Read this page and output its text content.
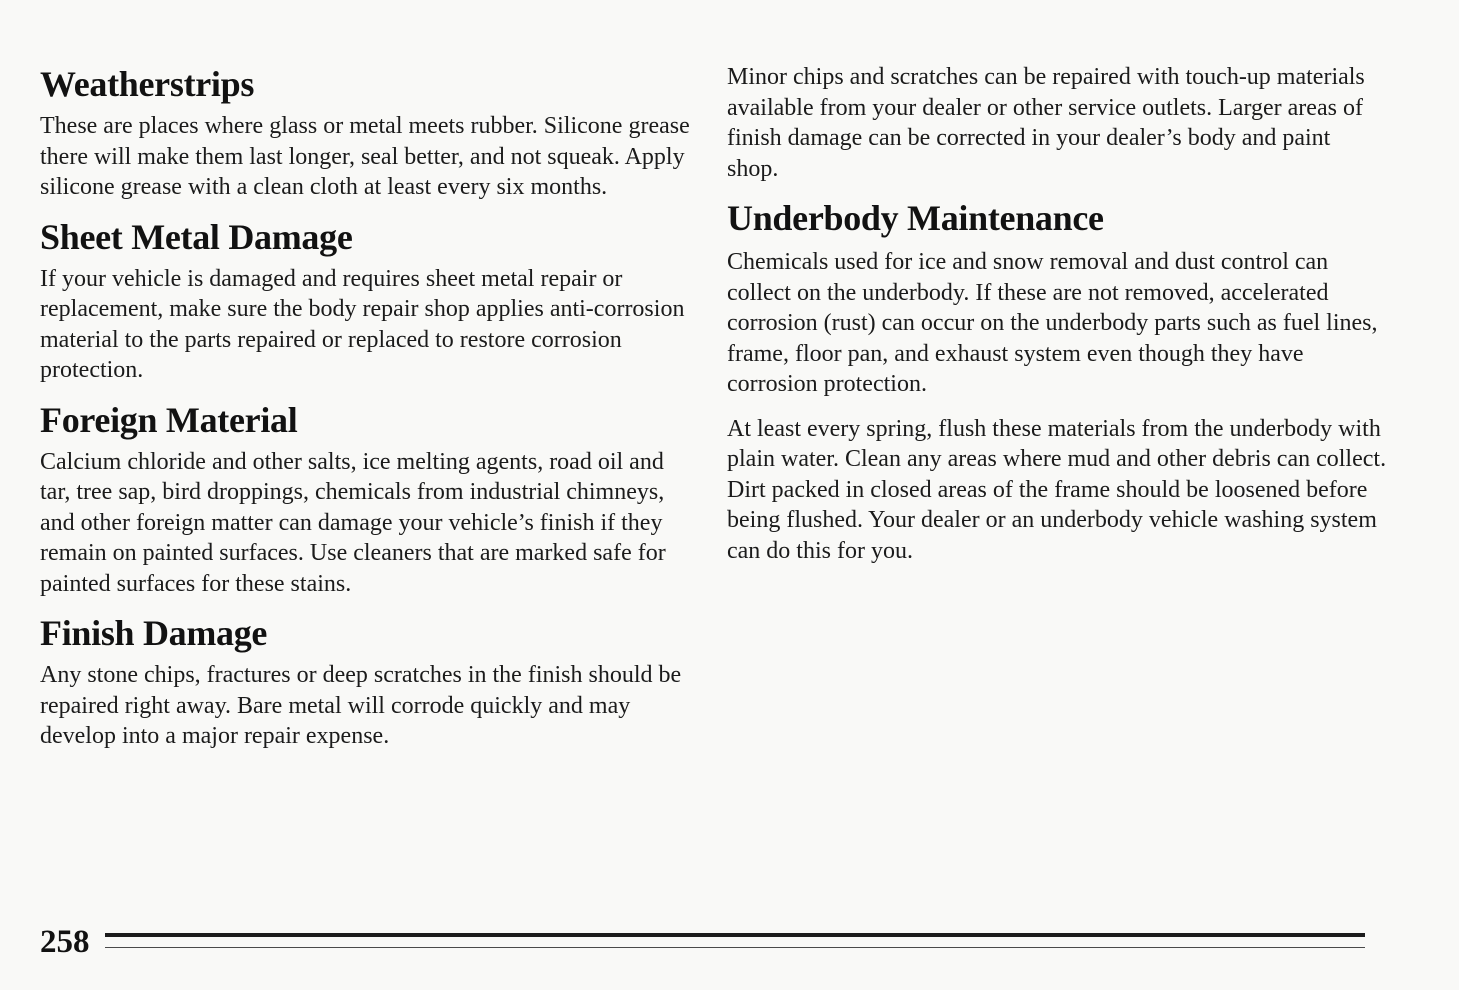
Weatherstrips

These are places where glass or metal meets rubber. Silicone grease there will make them last longer, seal better, and not squeak. Apply silicone grease with a clean cloth at least every six months.

Sheet Metal Damage

If your vehicle is damaged and requires sheet metal repair or replacement, make sure the body repair shop applies anti-corrosion material to the parts repaired or replaced to restore corrosion protection.

Foreign Material

Calcium chloride and other salts, ice melting agents, road oil and tar, tree sap, bird droppings, chemicals from industrial chimneys, and other foreign matter can damage your vehicle’s finish if they remain on painted surfaces. Use cleaners that are marked safe for painted surfaces for these stains.

Finish Damage

Any stone chips, fractures or deep scratches in the finish should be repaired right away. Bare metal will corrode quickly and may develop into a major repair expense.

Minor chips and scratches can be repaired with touch-up materials available from your dealer or other service outlets. Larger areas of finish damage can be corrected in your dealer’s body and paint shop.

Underbody Maintenance

Chemicals used for ice and snow removal and dust control can collect on the underbody. If these are not removed, accelerated corrosion (rust) can occur on the underbody parts such as fuel lines, frame, floor pan, and exhaust system even though they have corrosion protection.

At least every spring, flush these materials from the underbody with plain water. Clean any areas where mud and other debris can collect. Dirt packed in closed areas of the frame should be loosened before being flushed. Your dealer or an underbody vehicle washing system can do this for you.

258
